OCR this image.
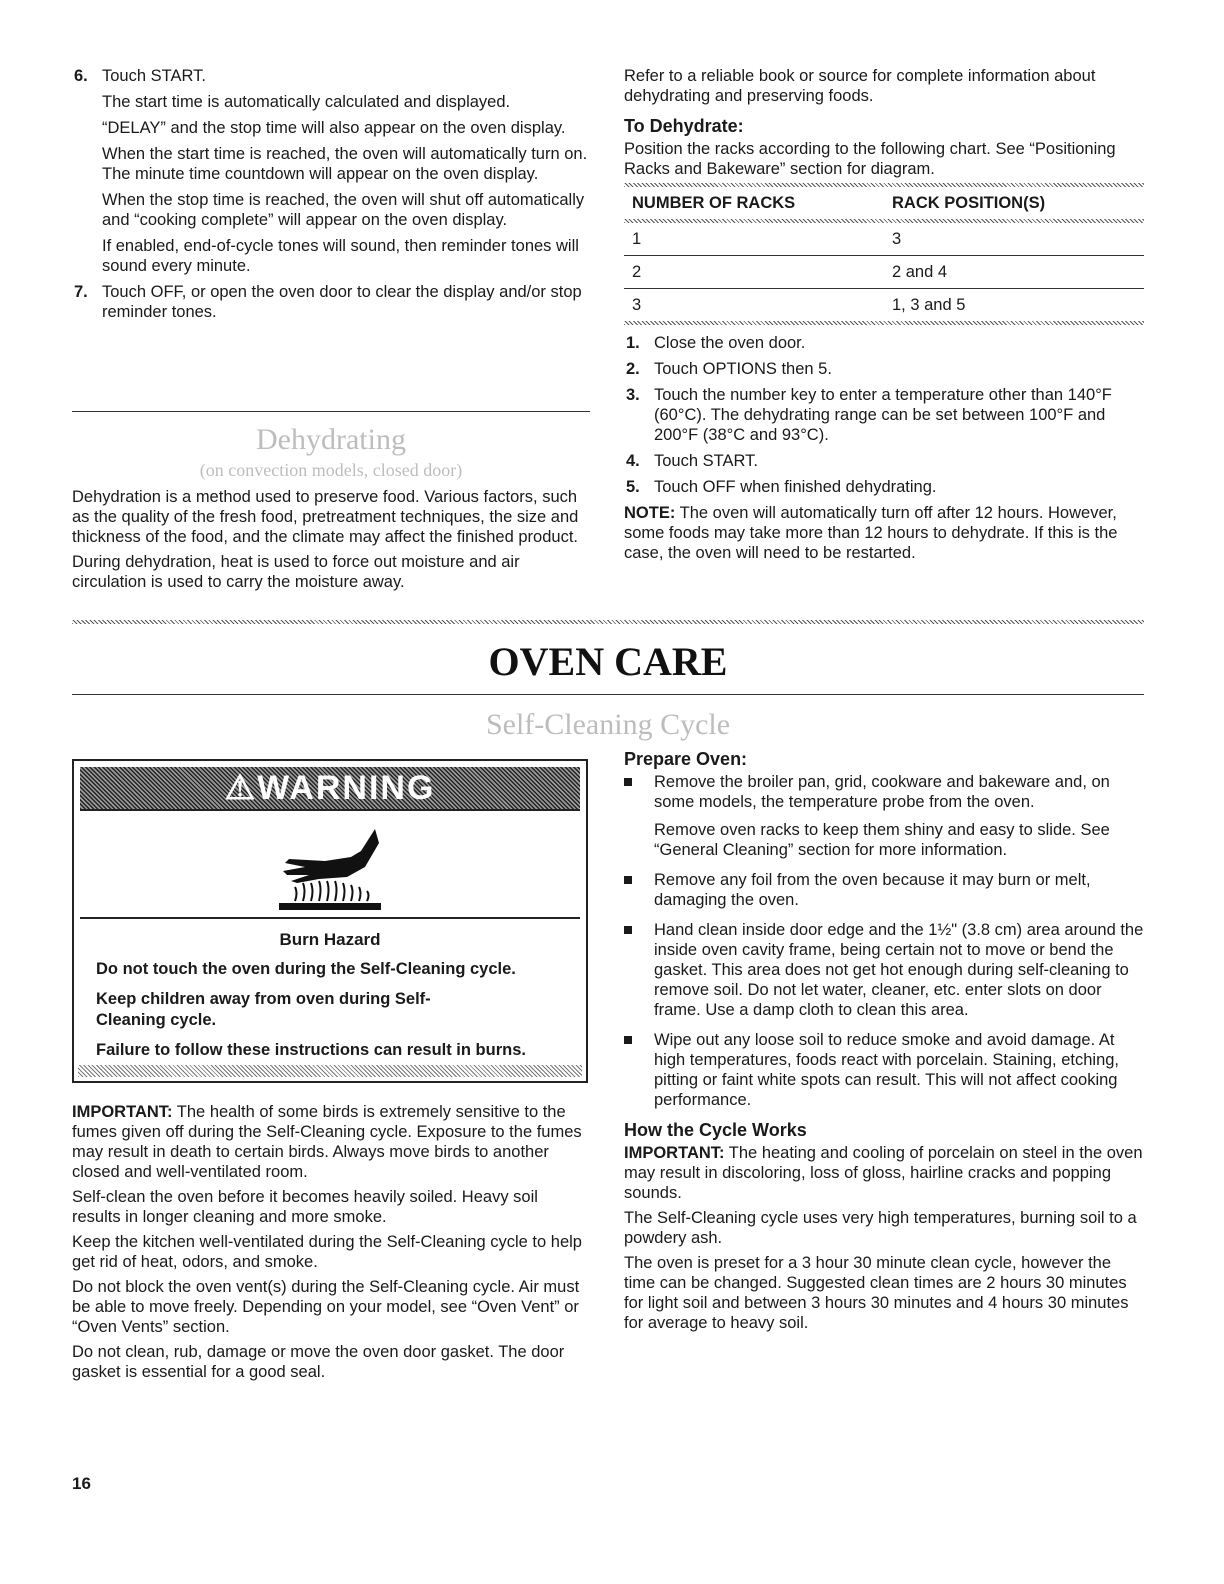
6. Touch START.

The start time is automatically calculated and displayed.

“DELAY” and the stop time will also appear on the oven display.

When the start time is reached, the oven will automatically turn on. The minute time countdown will appear on the oven display.

When the stop time is reached, the oven will shut off automatically and “cooking complete” will appear on the oven display.

If enabled, end-of-cycle tones will sound, then reminder tones will sound every minute.

7. Touch OFF, or open the oven door to clear the display and/or stop reminder tones.

Dehydrating
(on convection models, closed door)

Dehydration is a method used to preserve food. Various factors, such as the quality of the fresh food, pretreatment techniques, the size and thickness of the food, and the climate may affect the finished product.

During dehydration, heat is used to force out moisture and air circulation is used to carry the moisture away.

Refer to a reliable book or source for complete information about dehydrating and preserving foods.

To Dehydrate:

Position the racks according to the following chart. See “Positioning Racks and Bakeware” section for diagram.

NUMBER OF RACKS	RACK POSITION(S)
1	3
2	2 and 4
3	1, 3 and 5
1. Close the oven door.

2. Touch OPTIONS then 5.

3. Touch the number key to enter a temperature other than 140°F (60°C). The dehydrating range can be set between 100°F and 200°F (38°C and 93°C).

4. Touch START.

5. Touch OFF when finished dehydrating.

NOTE: The oven will automatically turn off after 12 hours. However, some foods may take more than 12 hours to dehydrate. If this is the case, the oven will need to be restarted.

OVEN CARE
Self-Cleaning Cycle
⚠WARNING

Burn Hazard

Do not touch the oven during the Self-Cleaning cycle.

Keep children away from oven during Self-Cleaning cycle.

Failure to follow these instructions can result in burns.

IMPORTANT: The health of some birds is extremely sensitive to the fumes given off during the Self-Cleaning cycle. Exposure to the fumes may result in death to certain birds. Always move birds to another closed and well-ventilated room.

Self-clean the oven before it becomes heavily soiled. Heavy soil results in longer cleaning and more smoke.

Keep the kitchen well-ventilated during the Self-Cleaning cycle to help get rid of heat, odors, and smoke.

Do not block the oven vent(s) during the Self-Cleaning cycle. Air must be able to move freely. Depending on your model, see “Oven Vent” or “Oven Vents” section.

Do not clean, rub, damage or move the oven door gasket. The door gasket is essential for a good seal.

Prepare Oven:

Remove the broiler pan, grid, cookware and bakeware and, on some models, the temperature probe from the oven.

Remove oven racks to keep them shiny and easy to slide. See “General Cleaning” section for more information.

Remove any foil from the oven because it may burn or melt, damaging the oven.

Hand clean inside door edge and the 1½" (3.8 cm) area around the inside oven cavity frame, being certain not to move or bend the gasket. This area does not get hot enough during self-cleaning to remove soil. Do not let water, cleaner, etc. enter slots on door frame. Use a damp cloth to clean this area.

Wipe out any loose soil to reduce smoke and avoid damage. At high temperatures, foods react with porcelain. Staining, etching, pitting or faint white spots can result. This will not affect cooking performance.

How the Cycle Works

IMPORTANT: The heating and cooling of porcelain on steel in the oven may result in discoloring, loss of gloss, hairline cracks and popping sounds.

The Self-Cleaning cycle uses very high temperatures, burning soil to a powdery ash.

The oven is preset for a 3 hour 30 minute clean cycle, however the time can be changed. Suggested clean times are 2 hours 30 minutes for light soil and between 3 hours 30 minutes and 4 hours 30 minutes for average to heavy soil.

16
